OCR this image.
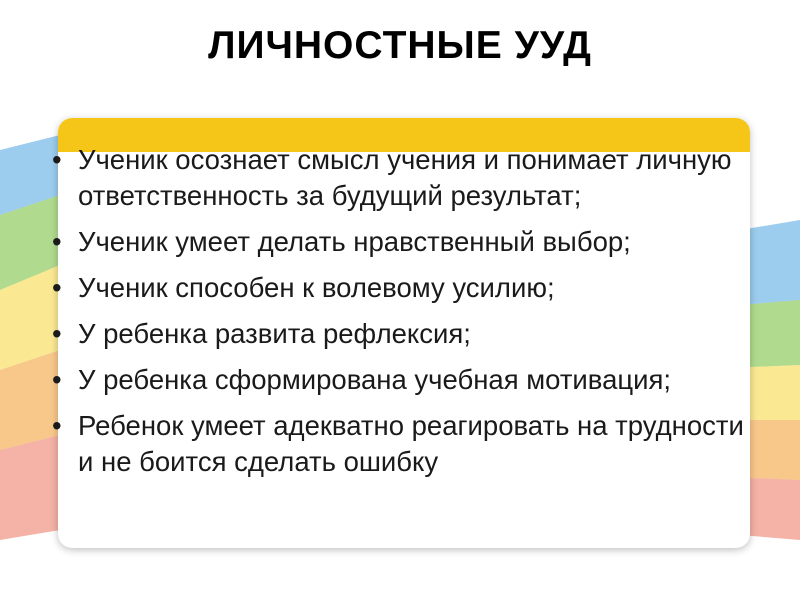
ЛИЧНОСТНЫЕ УУД
• Ученик осознает смысл учения и понимает личную ответственность за будущий результат;
• Ученик умеет делать нравственный выбор;
• Ученик способен к волевому усилию;
• У ребенка развита рефлексия;
• У ребенка сформирована учебная мотивация;
• Ребенок умеет адекватно реагировать на трудности и не боится сделать ошибку
